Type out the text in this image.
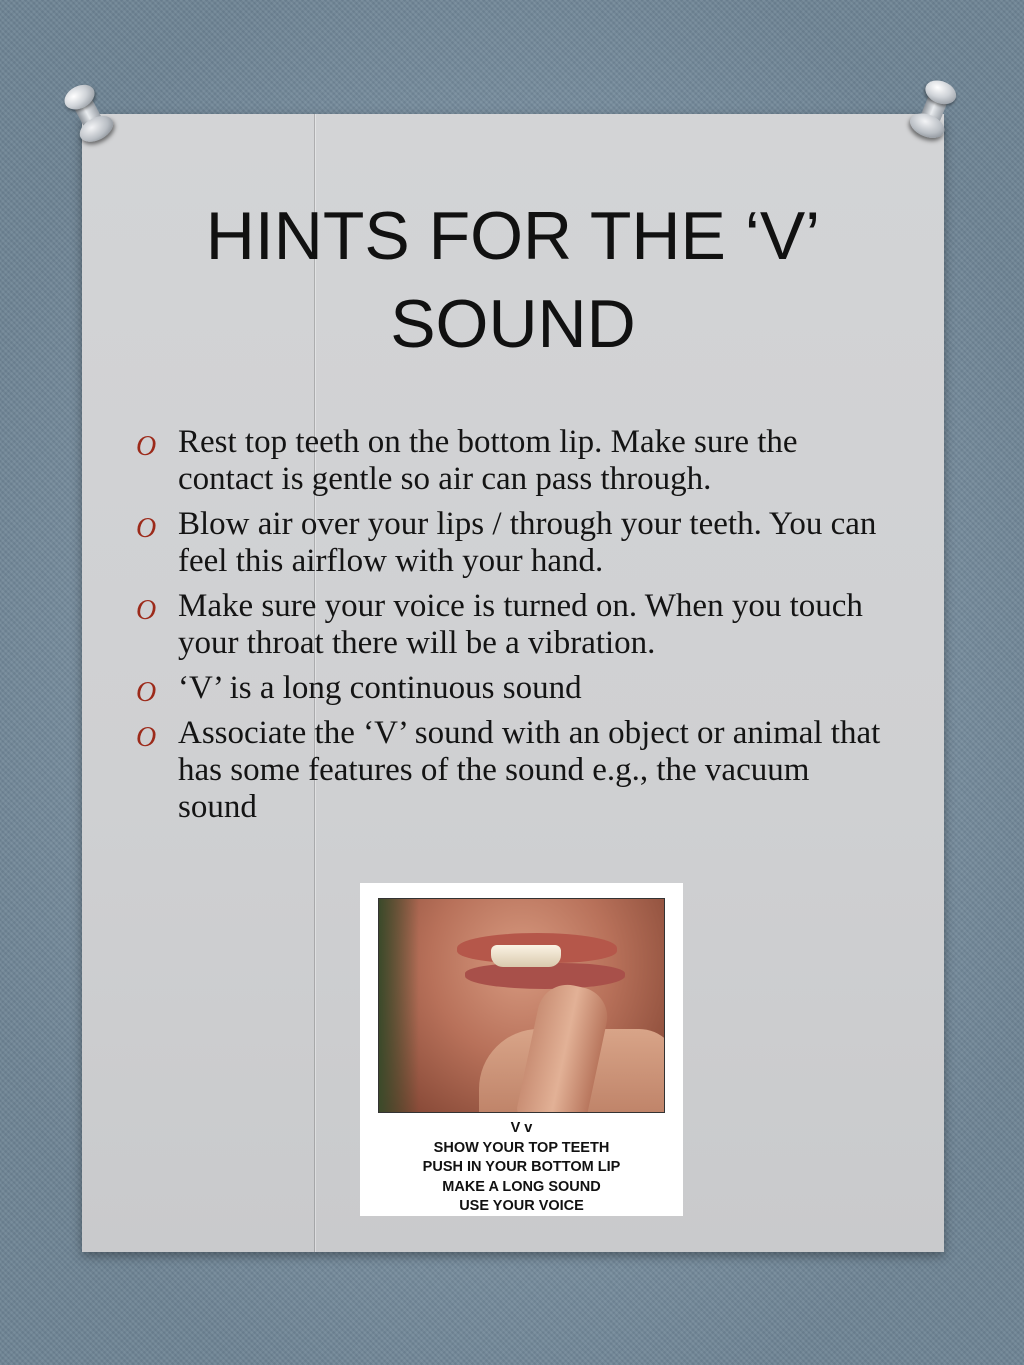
HINTS FOR THE ‘V’
SOUND
O Rest top teeth on the bottom lip. Make sure the contact is gentle so air can pass through.
O Blow air over your lips / through your teeth. You can feel this airflow with your hand.
O Make sure your voice is turned on. When you touch your throat there will be a vibration.
O ‘V’ is a long continuous sound
O Associate the ‘V’ sound with an object or animal that has some features of the sound e.g., the vacuum sound
V v
SHOW YOUR TOP TEETH
PUSH IN YOUR BOTTOM LIP
MAKE A LONG SOUND
USE YOUR VOICE
